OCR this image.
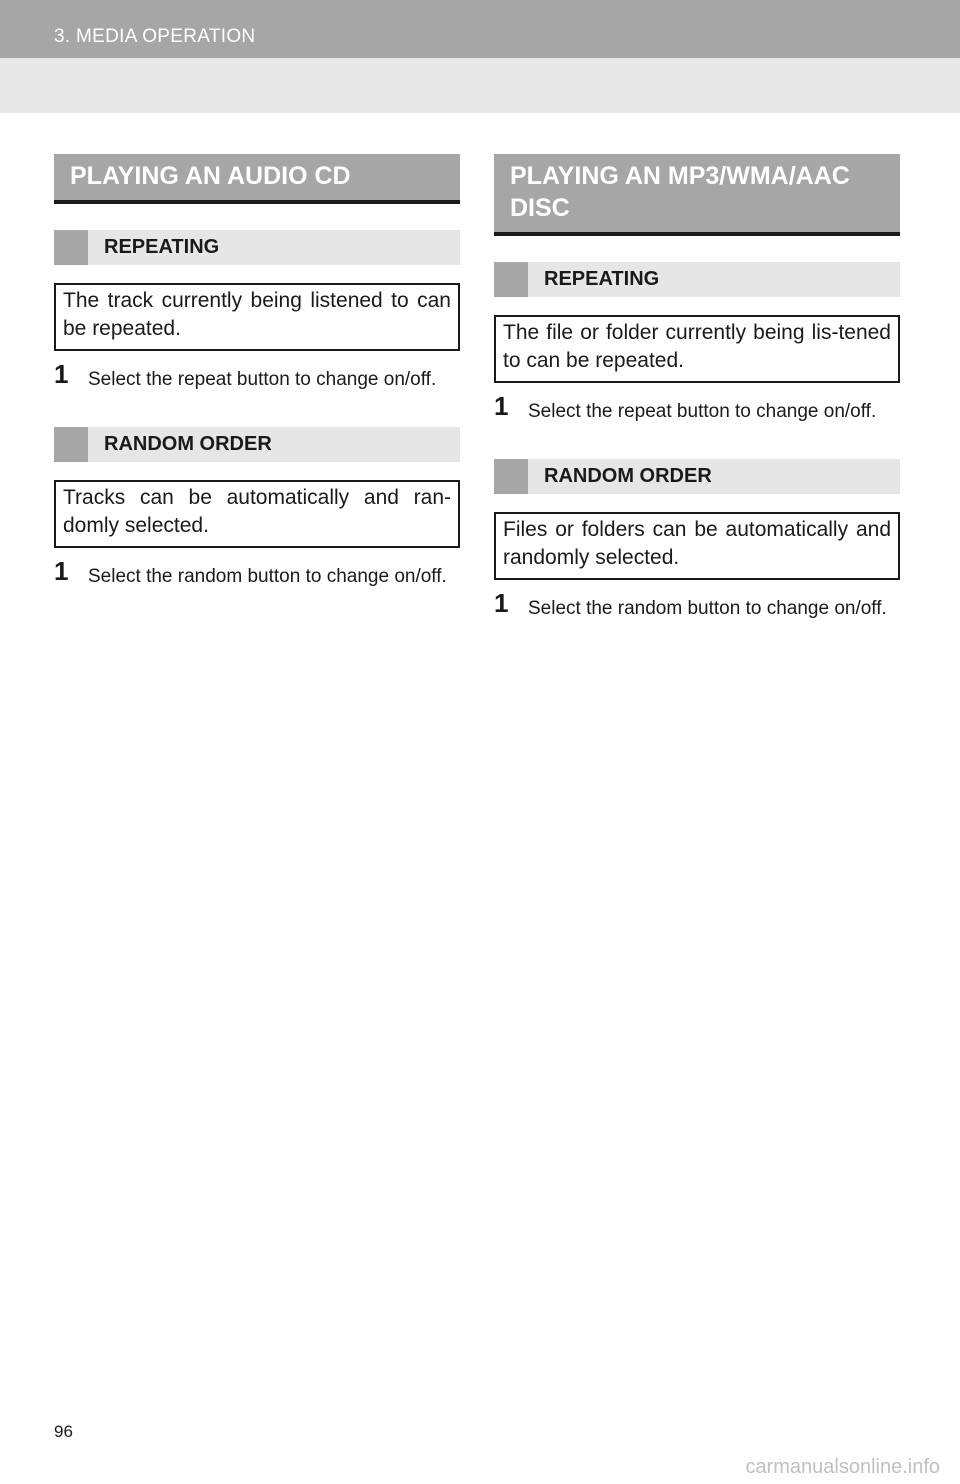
3. MEDIA OPERATION
PLAYING AN AUDIO CD
REPEATING
The track currently being listened to can be repeated.
1 Select the repeat button to change on/off.
RANDOM ORDER
Tracks can be automatically and ran-domly selected.
1 Select the random button to change on/off.
PLAYING AN MP3/WMA/AAC DISC
REPEATING
The file or folder currently being lis-tened to can be repeated.
1 Select the repeat button to change on/off.
RANDOM ORDER
Files or folders can be automatically and randomly selected.
1 Select the random button to change on/off.
96
carmanualsonline.info
